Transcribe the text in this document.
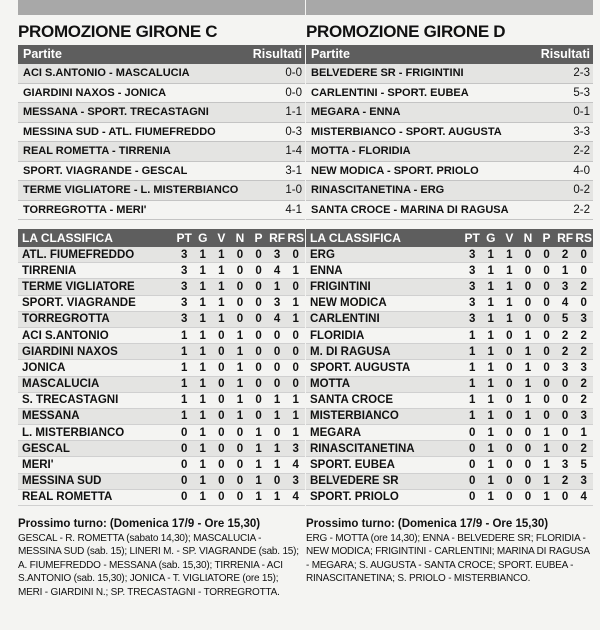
PROMOZIONE GIRONE C
Partite	Risultati
ACI S.ANTONIO - MASCALUCIA	0-0
GIARDINI NAXOS - JONICA	0-0
MESSANA - SPORT. TRECASTAGNI	1-1
MESSINA SUD - ATL. FIUMEFREDDO	0-3
REAL ROMETTA - TIRRENIA	1-4
SPORT. VIAGRANDE - GESCAL	3-1
TERME VIGLIATORE - L. MISTERBIANCO	1-0
TORREGROTTA - MERI'	4-1
LA CLASSIFICA	PT G V N P RF RS
ATL. FIUMEFREDDO	3	1	1	0	0	3	0
TIRRENIA	3	1	1	0	0	4	1
TERME VIGLIATORE	3	1	1	0	0	1	0
SPORT. VIAGRANDE	3	1	1	0	0	3	1
TORREGROTTA	3	1	1	0	0	4	1
ACI S.ANTONIO	1	1	0	1	0	0	0
GIARDINI NAXOS	1	1	0	1	0	0	0
JONICA	1	1	0	1	0	0	0
MASCALUCIA	1	1	0	1	0	0	0
S. TRECASTAGNI	1	1	0	1	0	1	1
MESSANA	1	1	0	1	0	1	1
L. MISTERBIANCO	0	1	0	0	1	0	1
GESCAL	0	1	0	0	1	1	3
MERI'	0	1	0	0	1	1	4
MESSINA SUD	0	1	0	0	1	0	3
REAL ROMETTA	0	1	0	0	1	1	4
Prossimo turno: (Domenica 17/9 - Ore 15,30)
GESCAL - R. ROMETTA (sabato 14,30); MASCALUCIA - MESSINA SUD (sab. 15); LINERI M. - SP. VIAGRANDE (sab. 15); A. FIUMEFREDDO - MESSANA (sab. 15,30); TIRRENIA - ACI S.ANTONIO (sab. 15,30); JONICA - T. VIGLIATORE (ore 15); MERI - GIARDINI N.; SP. TRECASTAGNI - TORREGROTTA.
PROMOZIONE GIRONE D
Partite	Risultati
BELVEDERE SR - FRIGINTINI	2-3
CARLENTINI - SPORT. EUBEA	5-3
MEGARA - ENNA	0-1
MISTERBIANCO - SPORT. AUGUSTA	3-3
MOTTA - FLORIDIA	2-2
NEW MODICA - SPORT. PRIOLO	4-0
RINASCITANETINA - ERG	0-2
SANTA CROCE - MARINA DI RAGUSA	2-2
LA CLASSIFICA	PT G V N P RF RS
ERG	3	1	1	0	0	2	0
ENNA	3	1	1	0	0	1	0
FRIGINTINI	3	1	1	0	0	3	2
NEW MODICA	3	1	1	0	0	4	0
CARLENTINI	3	1	1	0	0	5	3
FLORIDIA	1	1	0	1	0	2	2
M. DI RAGUSA	1	1	0	1	0	2	2
SPORT. AUGUSTA	1	1	0	1	0	3	3
MOTTA	1	1	0	1	0	0	2
SANTA CROCE	1	1	0	1	0	0	2
MISTERBIANCO	1	1	0	1	0	0	3
MEGARA	0	1	0	0	1	0	1
RINASCITANETINA	0	1	0	0	1	0	2
SPORT. EUBEA	0	1	0	0	1	3	5
BELVEDERE SR	0	1	0	0	1	2	3
SPORT. PRIOLO	0	1	0	0	1	0	4
Prossimo turno: (Domenica 17/9 - Ore 15,30)
ERG - MOTTA (ore 14,30); ENNA - BELVEDERE SR; FLORIDIA - NEW MODICA; FRIGINTINI - CARLENTINI; MARINA DI RAGUSA - MEGARA; S. AUGUSTA - SANTA CROCE; SPORT. EUBEA - RINASCITANETINA; S. PRIOLO - MISTERBIANCO.
